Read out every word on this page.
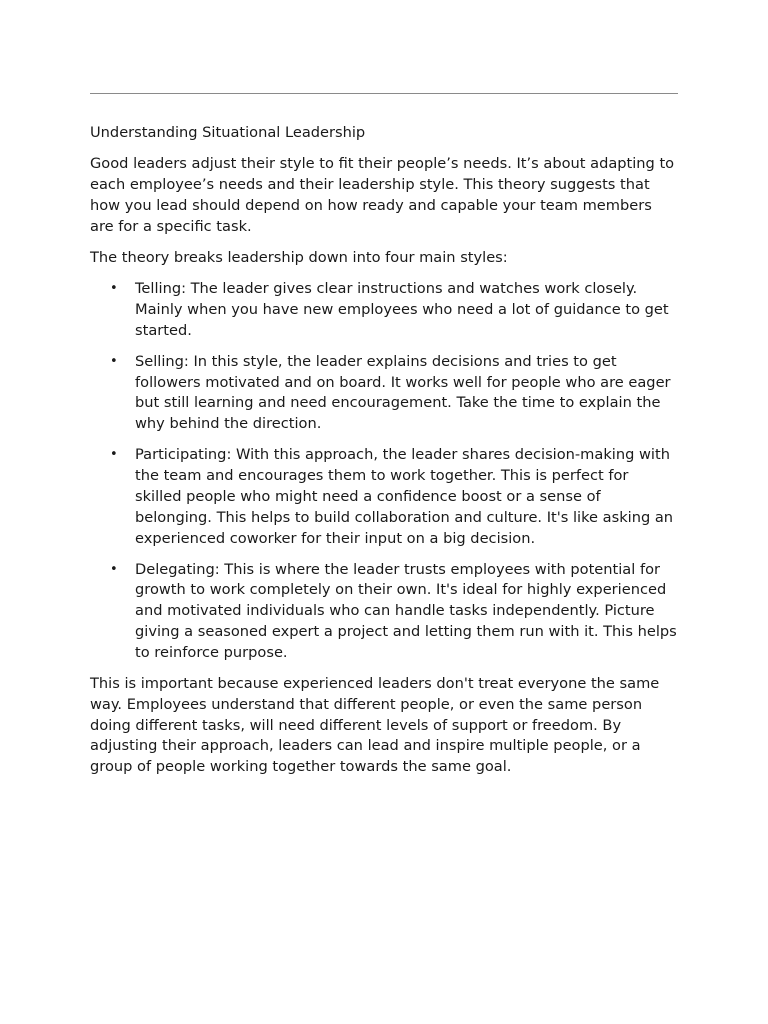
Understanding Situational Leadership

Good leaders adjust their style to fit their people’s needs. It’s about adapting to each employee’s needs and their leadership style. This theory suggests that how you lead should depend on how ready and capable your team members are for a specific task.

The theory breaks leadership down into four main styles:

• Telling: The leader gives clear instructions and watches work closely. Mainly when you have new employees who need a lot of guidance to get started.
• Selling: In this style, the leader explains decisions and tries to get followers motivated and on board. It works well for people who are eager but still learning and need encouragement. Take the time to explain the why behind the direction.
• Participating: With this approach, the leader shares decision-making with the team and encourages them to work together. This is perfect for skilled people who might need a confidence boost or a sense of belonging. This helps to build collaboration and culture. It's like asking an experienced coworker for their input on a big decision.
• Delegating: This is where the leader trusts employees with potential for growth to work completely on their own. It's ideal for highly experienced and motivated individuals who can handle tasks independently. Picture giving a seasoned expert a project and letting them run with it. This helps to reinforce purpose.

This is important because experienced leaders don't treat everyone the same way. Employees understand that different people, or even the same person doing different tasks, will need different levels of support or freedom. By adjusting their approach, leaders can lead and inspire multiple people, or a group of people working together towards the same goal.
